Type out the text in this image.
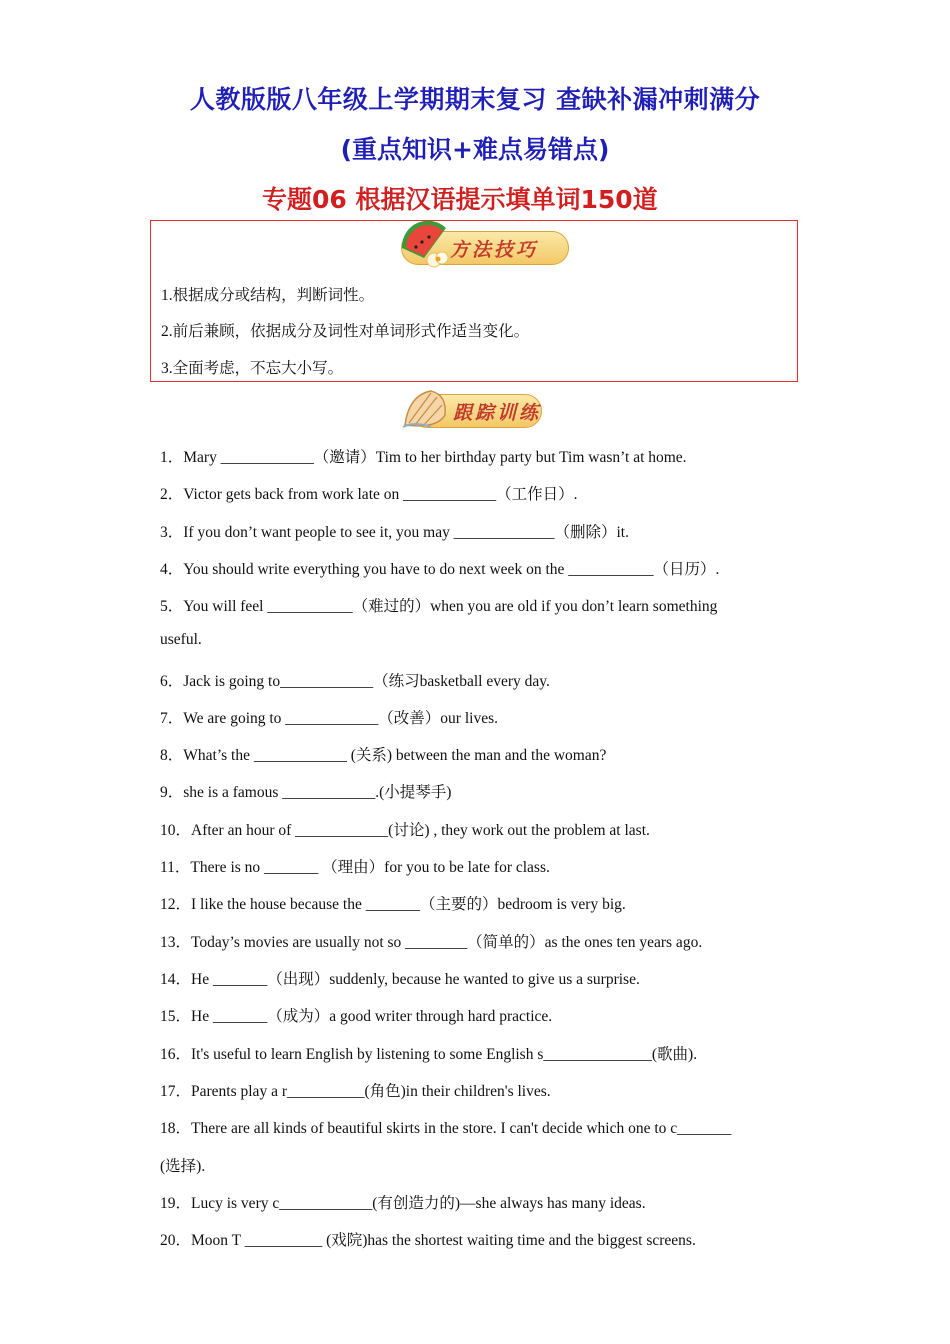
人教版版八年级上学期期末复习 查缺补漏冲刺满分
(重点知识+难点易错点)
专题06 根据汉语提示填单词150道
方法技巧
1.根据成分或结构，判断词性。
2.前后兼顾，依据成分及词性对单词形式作适当变化。
3.全面考虑，不忘大小写。
跟踪训练
1．Mary ____________（邀请）Tim to her birthday party but Tim wasn’t at home.
2．Victor gets back from work late on ____________（工作日）.
3．If you don’t want people to see it, you may _____________（删除）it.
4．You should write everything you have to do next week on the ___________（日历）.
5．You will feel ___________（难过的）when you are old if you don’t learn something
useful.
6．Jack is going to____________（练习basketball every day.
7．We are going to ____________（改善）our lives.
8．What’s the ____________ (关系) between the man and the woman?
9．she is a famous ____________.(小提琴手)
10．After an hour of ____________(讨论) , they work out the problem at last.
11．There is no _______ （理由）for you to be late for class.
12．I like the house because the _______（主要的）bedroom is very big.
13．Today’s movies are usually not so ________（简单的）as the ones ten years ago.
14．He _______（出现）suddenly, because he wanted to give us a surprise.
15．He _______（成为）a good writer through hard practice.
16．It's useful to learn English by listening to some English s______________(歌曲).
17．Parents play a r__________(角色)in their children's lives.
18．There are all kinds of beautiful skirts in the store. I can't decide which one to c_______
(选择).
19．Lucy is very c____________(有创造力的)—she always has many ideas.
20．Moon T __________ (戏院)has the shortest waiting time and the biggest screens.
